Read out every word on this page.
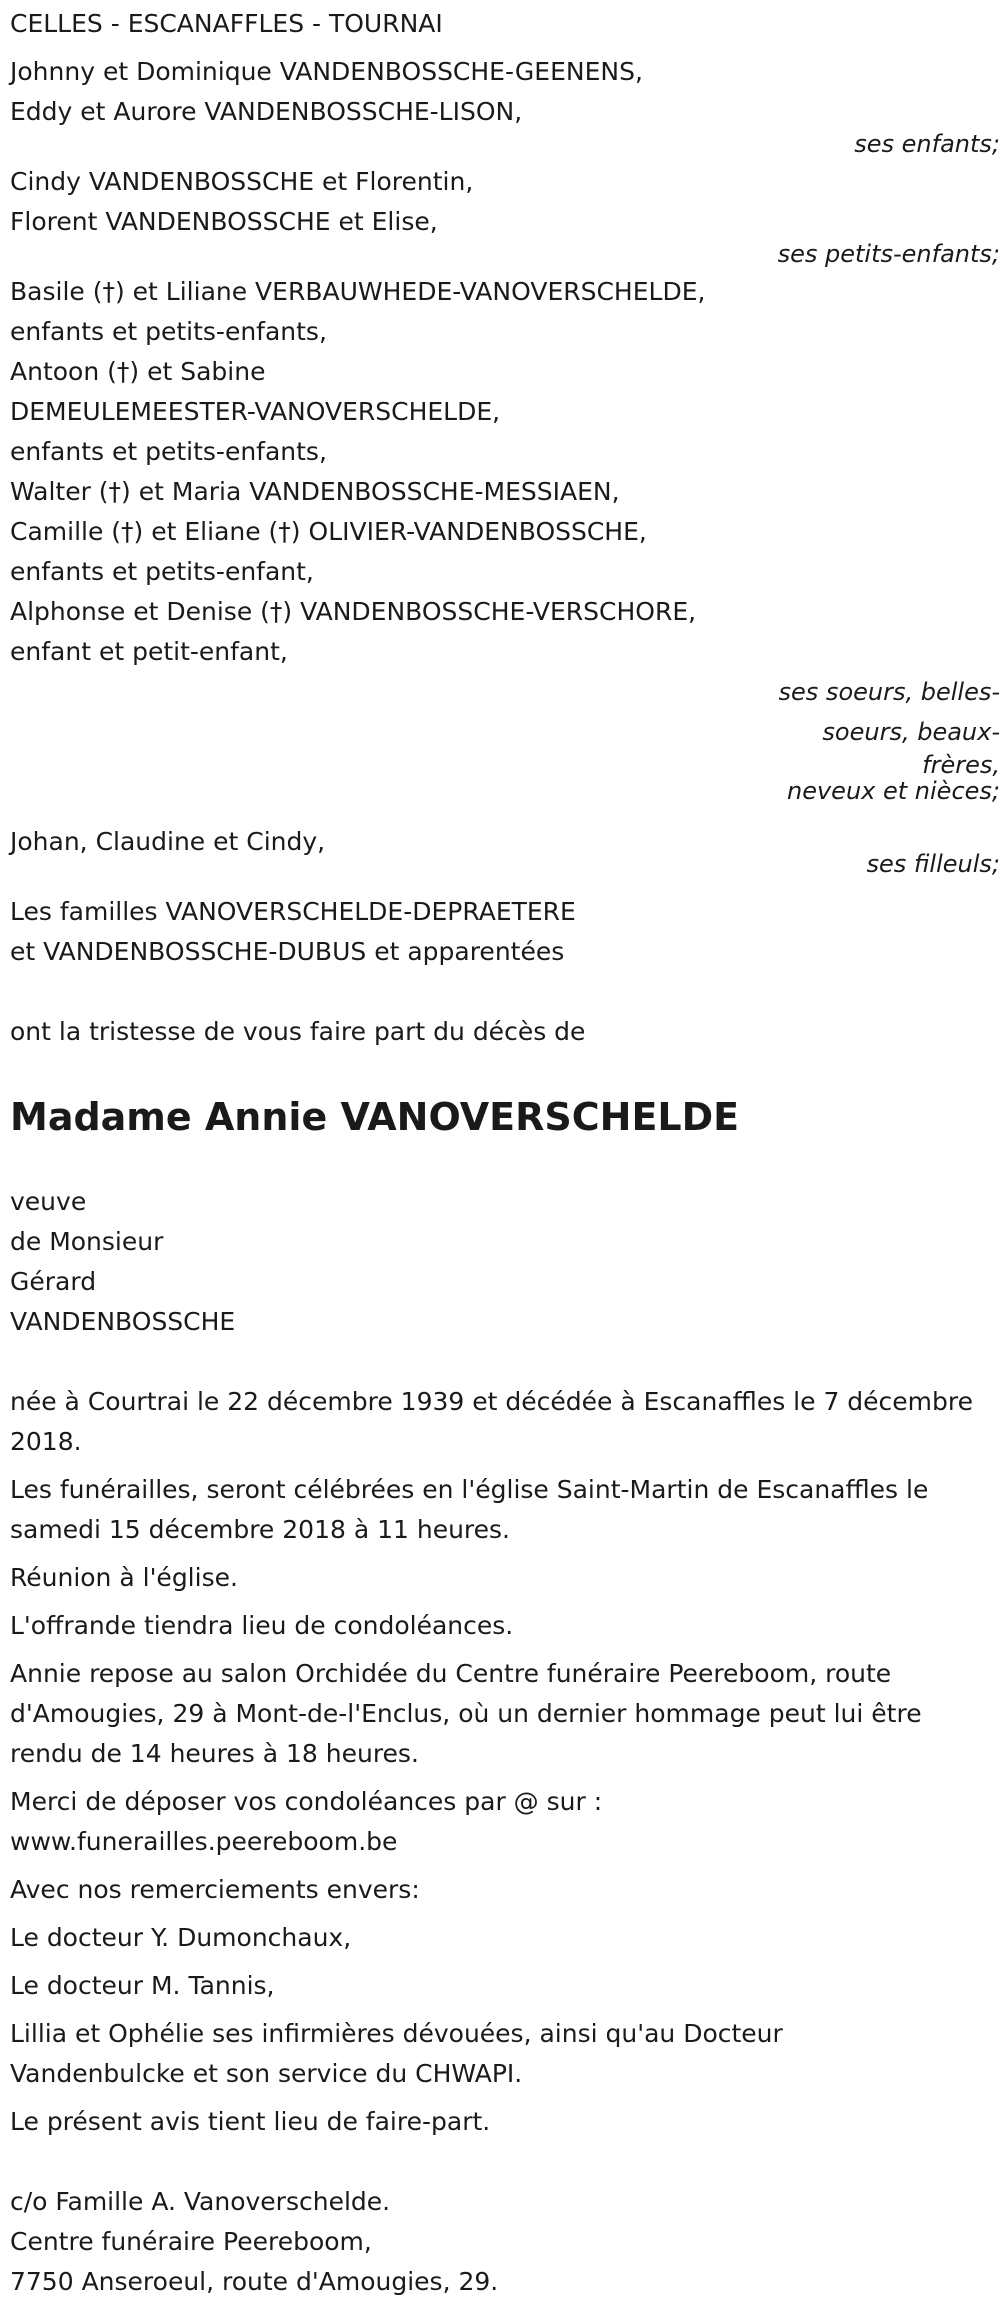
CELLES - ESCANAFFLES - TOURNAI
Johnny et Dominique VANDENBOSSCHE-GEENENS,
Eddy et Aurore VANDENBOSSCHE-LISON,
ses enfants;
Cindy VANDENBOSSCHE et Florentin,
Florent VANDENBOSSCHE et Elise,
ses petits-enfants;
Basile (†) et Liliane VERBAUWHEDE-VANOVERSCHELDE,
enfants et petits-enfants,
Antoon (†) et Sabine
DEMEULEMEESTER-VANOVERSCHELDE,
enfants et petits-enfants,
Walter (†) et Maria VANDENBOSSCHE-MESSIAEN,
Camille (†) et Eliane (†) OLIVIER-VANDENBOSSCHE,
enfants et petits-enfant,
Alphonse et Denise (†) VANDENBOSSCHE-VERSCHORE,
enfant et petit-enfant,
ses soeurs, belles-
soeurs, beaux-
frères,
neveux et nièces;
Johan, Claudine et Cindy,
ses filleuls;
Les familles VANOVERSCHELDE-DEPRAETERE
et VANDENBOSSCHE-DUBUS et apparentées
ont la tristesse de vous faire part du décès de
Madame Annie VANOVERSCHELDE
veuve
de Monsieur
Gérard
VANDENBOSSCHE
née à Courtrai le 22 décembre 1939 et décédée à Escanaffles le 7 décembre 2018.
Les funérailles, seront célébrées en l'église Saint-Martin de Escanaffles le samedi 15 décembre 2018 à 11 heures.
Réunion à l'église.
L'offrande tiendra lieu de condoléances.
Annie repose au salon Orchidée du Centre funéraire Peereboom, route d'Amougies, 29 à Mont-de-l'Enclus, où un dernier hommage peut lui être rendu de 14 heures à 18 heures.
Merci de déposer vos condoléances par @ sur : www.funerailles.peereboom.be
Avec nos remerciements envers:
Le docteur Y. Dumonchaux,
Le docteur M. Tannis,
Lillia et Ophélie ses infirmières dévouées, ainsi qu'au Docteur Vandenbulcke et son service du CHWAPI.
Le présent avis tient lieu de faire-part.
c/o Famille A. Vanoverschelde.
Centre funéraire Peereboom,
7750 Anseroeul, route d'Amougies, 29.
